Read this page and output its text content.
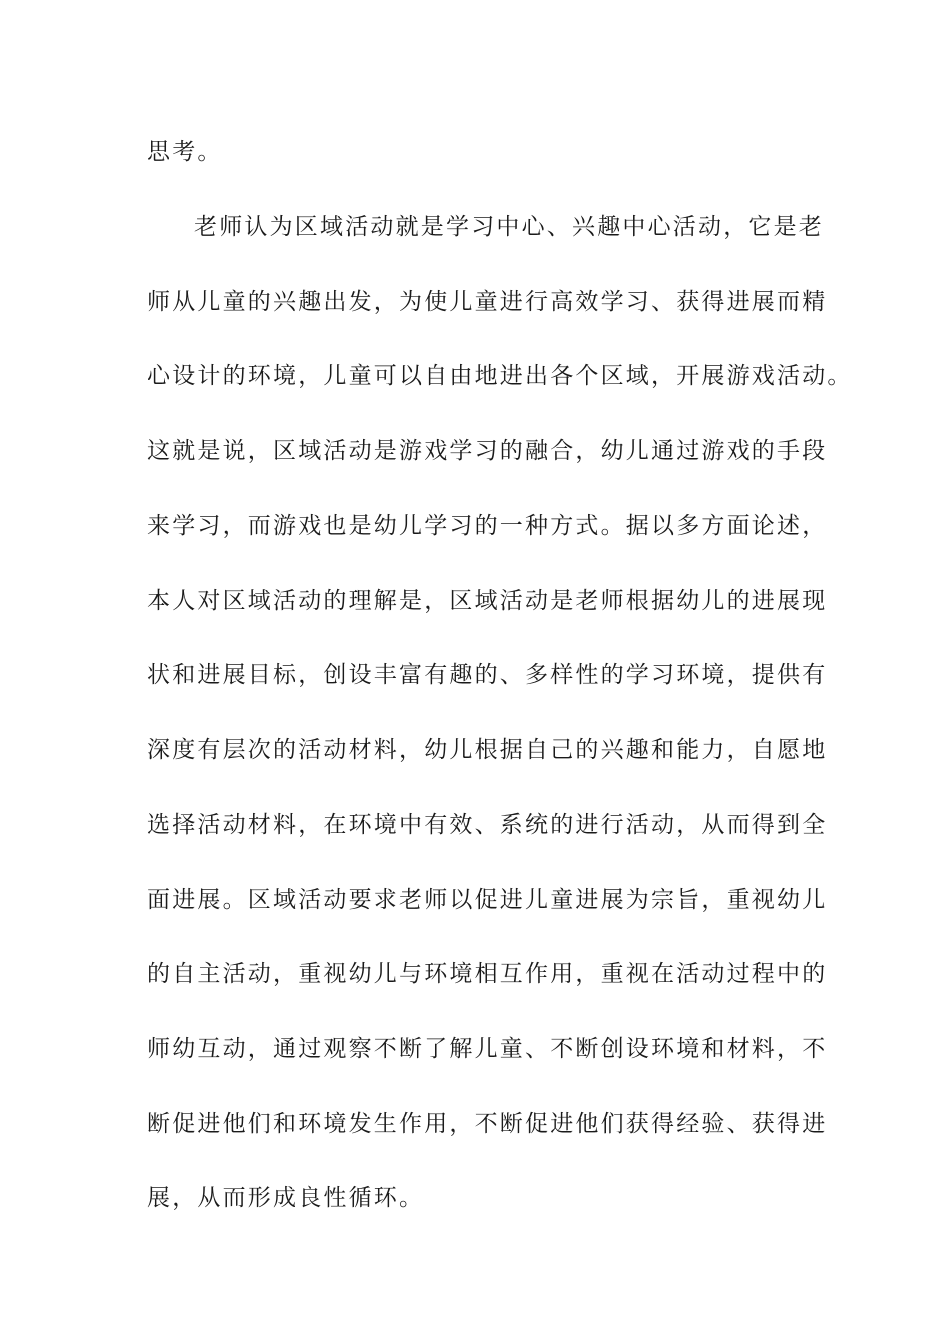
思考。
老师认为区域活动就是学习中心、兴趣中心活动，它是老
师从儿童的兴趣出发，为使儿童进行高效学习、获得进展而精
心设计的环境，儿童可以自由地进出各个区域，开展游戏活动。
这就是说，区域活动是游戏学习的融合，幼儿通过游戏的手段
来学习，而游戏也是幼儿学习的一种方式。据以多方面论述，
本人对区域活动的理解是，区域活动是老师根据幼儿的进展现
状和进展目标，创设丰富有趣的、多样性的学习环境，提供有
深度有层次的活动材料，幼儿根据自己的兴趣和能力，自愿地
选择活动材料，在环境中有效、系统的进行活动，从而得到全
面进展。区域活动要求老师以促进儿童进展为宗旨，重视幼儿
的自主活动，重视幼儿与环境相互作用，重视在活动过程中的
师幼互动，通过观察不断了解儿童、不断创设环境和材料，不
断促进他们和环境发生作用，不断促进他们获得经验、获得进
展，从而形成良性循环。
